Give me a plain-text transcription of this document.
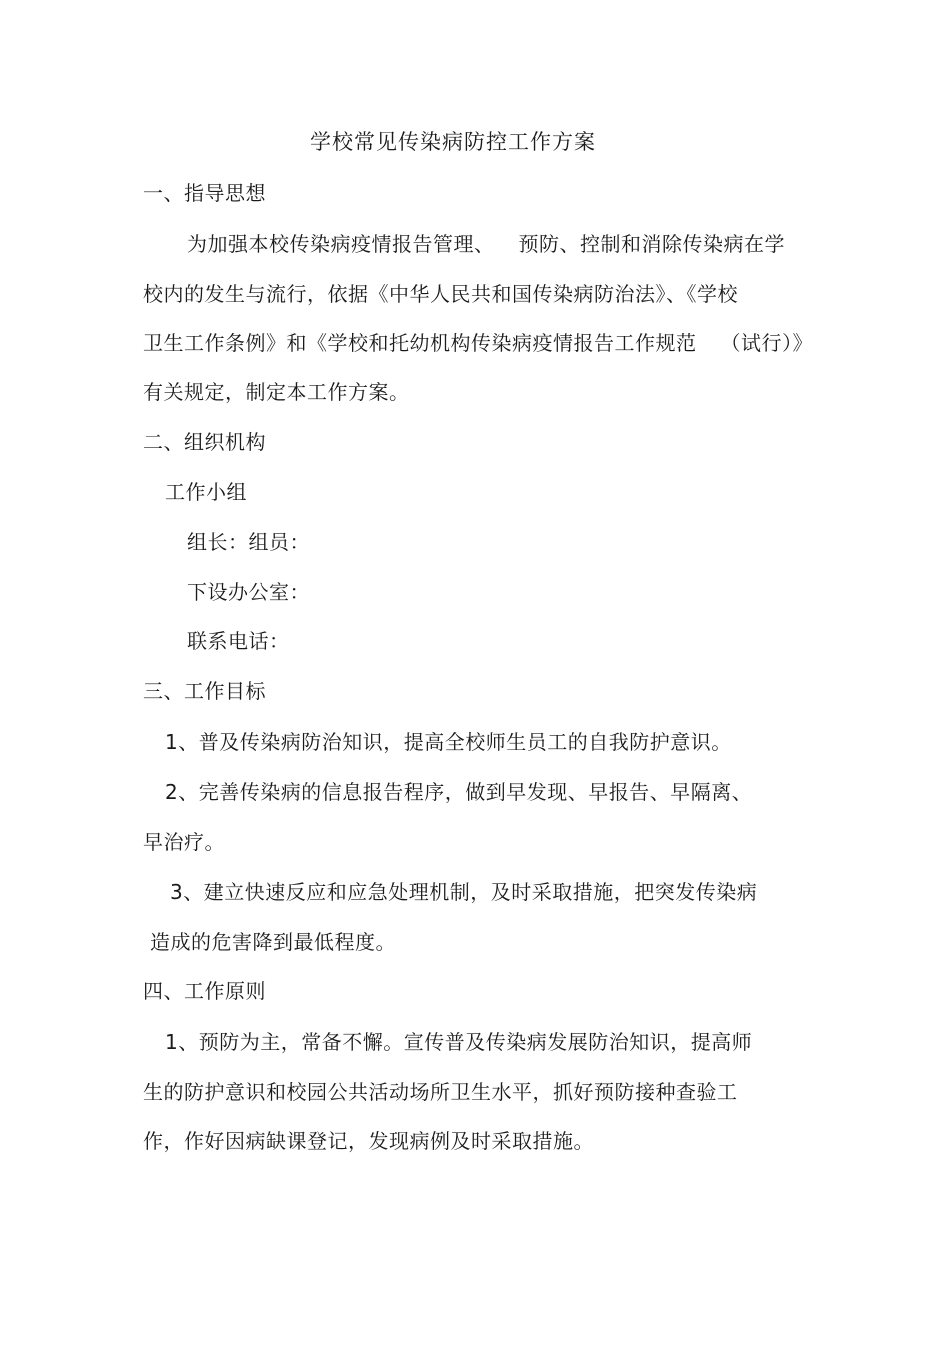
学校常见传染病防控工作方案
一、指导思想
为加强本校传染病疫情报告管理、 预防、控制和消除传染病在学
校内的发生与流行，依据《中华人民共和国传染病防治法》、《学校
卫生工作条例》和《学校和托幼机构传染病疫情报告工作规范 （试行）》
有关规定，制定本工作方案。
二、组织机构
工作小组
组长：组员：
下设办公室：
联系电话：
三、工作目标
1、普及传染病防治知识，提高全校师生员工的自我防护意识。
2、完善传染病的信息报告程序，做到早发现、早报告、早隔离、
早治疗。
3、建立快速反应和应急处理机制，及时采取措施，把突发传染病
造成的危害降到最低程度。
四、工作原则
1、预防为主，常备不懈。宣传普及传染病发展防治知识，提高师
生的防护意识和校园公共活动场所卫生水平，抓好预防接种查验工
作，作好因病缺课登记，发现病例及时采取措施。
